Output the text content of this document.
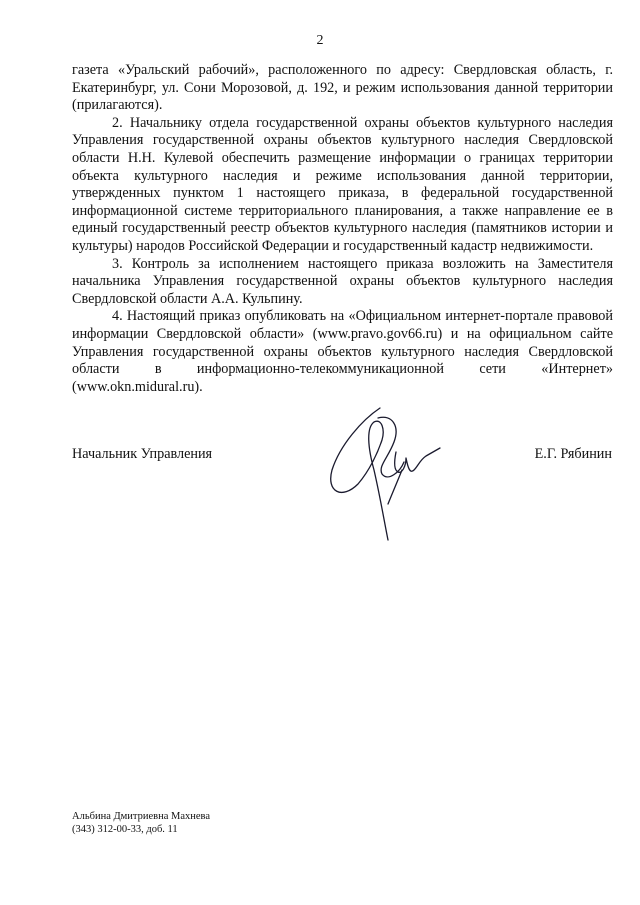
2

газета «Уральский рабочий», расположенного по адресу: Свердловская область, г. Екатеринбург, ул. Сони Морозовой, д. 192, и режим использования данной территории (прилагаются).

2. Начальнику отдела государственной охраны объектов культурного наследия Управления государственной охраны объектов культурного наследия Свердловской области Н.Н. Кулевой обеспечить размещение информации о границах территории объекта культурного наследия и режиме использования данной территории, утвержденных пунктом 1 настоящего приказа, в федеральной государственной информационной системе территориального планирования, а также направление ее в единый государственный реестр объектов культурного наследия (памятников истории и культуры) народов Российской Федерации и государственный кадастр недвижимости.

3. Контроль за исполнением настоящего приказа возложить на Заместителя начальника Управления государственной охраны объектов культурного наследия Свердловской области А.А. Кульпину.

4. Настоящий приказ опубликовать на «Официальном интернет-портале правовой информации Свердловской области» (www.pravo.gov66.ru) и на официальном сайте Управления государственной охраны объектов культурного наследия Свердловской области в информационно-телекоммуникационной сети «Интернет» (www.okn.midural.ru).

Начальник Управления	Е.Г. Рябинин
Альбина Дмитриевна Махнева
(343) 312-00-33, доб. 11
